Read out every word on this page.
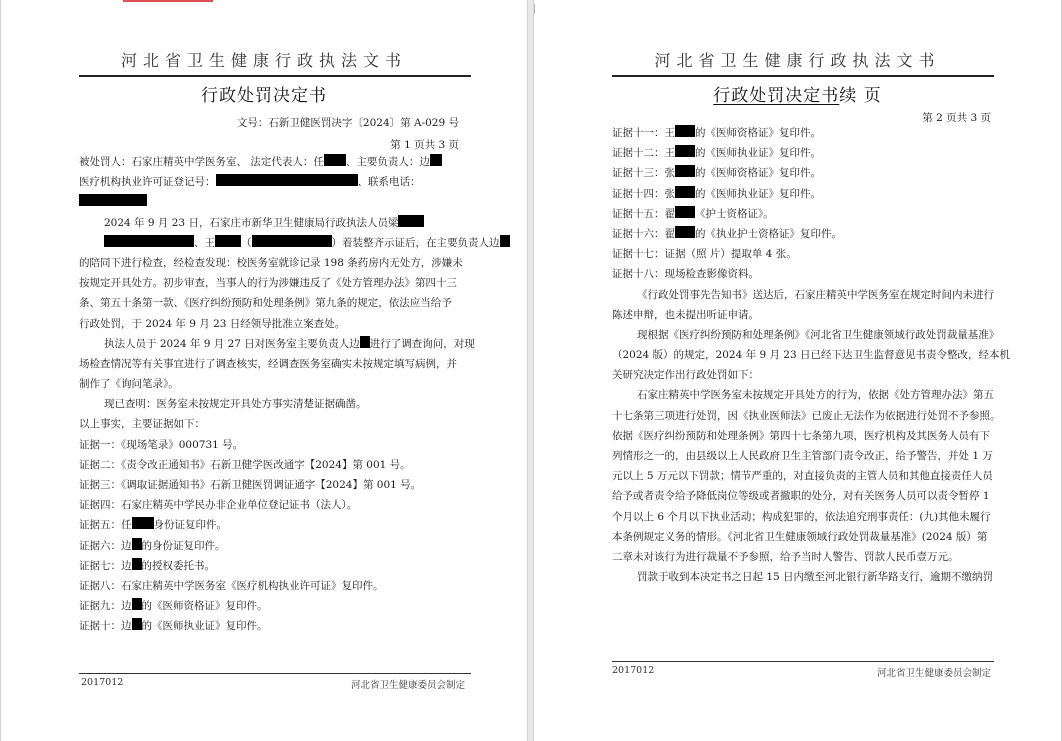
河北省卫生健康行政执法文书
行政处罚决定书
文号：石新卫健医罚决字〔2024〕第 A-029 号
第 1 页共 3 页
被处罚人：石家庄精英中学医务室、 法定代表人：任 、主要负责人：边
医疗机构执业许可证登记号：	、联系电话：
2024 年 9 月 23 日，石家庄市新华卫生健康局行政执法人员梁
、王 （	）着装整齐示证后，在主要负责人边
的陪同下进行检查，经检查发现：校医务室就诊记录 198 条药房内无处方，涉嫌未
按规定开具处方。初步审查，当事人的行为涉嫌违反了《处方管理办法》第四十三
条、第五十条第一款、《医疗纠纷预防和处理条例》第九条的规定，依法应当给予
行政处罚，于 2024 年 9 月 23 日经领导批准立案查处。
执法人员于 2024 年 9 月 27 日对医务室主要负责人边 进行了调查询问，对现
场检查情况等有关事宜进行了调查核实，经调查医务室确实未按规定填写病例，并
制作了《询问笔录》。
现已查明：医务室未按规定开具处方事实清楚证据确凿。
以上事实，主要证据如下：
证据一：《现场笔录》000731 号。
证据二：《责令改正通知书》石新卫健学医改通字【2024】第 001 号。
证据三：《调取证据通知书》石新卫健医罚调证通字【2024】第 001 号。
证据四：石家庄精英中学民办非企业单位登记证书（法人）。
证据五：任 身份证复印件。
证据六：边 的身份证复印件。
证据七：边 的授权委托书。
证据八：石家庄精英中学医务室《医疗机构执业许可证》复印件。
证据九：边 的《医师资格证》复印件。
证据十：边 的《医师执业证》复印件。
2017012	河北省卫生健康委员会制定
河北省卫生健康行政执法文书
行政处罚决定书续 页
第 2 页共 3 页
证据十一：王 的《医师资格证》复印件。
证据十二：王 的《医师执业证》复印件。
证据十三：张 的《医师资格证》复印件。
证据十四：张 的《医师执业证》复印件。
证据十五：翟 《护士资格证》。
证据十六：翟 的《执业护士资格证》复印件。
证据十七：证据（照 片）提取单 4 张。
证据十八：现场检查影像资料。
《行政处罚事先告知书》送达后，石家庄精英中学医务室在规定时间内未进行
陈述申辩，也未提出听证申请。
现根据《医疗纠纷预防和处理条例》《河北省卫生健康领域行政处罚裁量基准》
（2024 版）的规定，2024 年 9 月 23 日已经下达卫生监督意见书责令整改，经本机
关研究决定作出行政处罚如下：
石家庄精英中学医务室未按规定开具处方的行为，依据《处方管理办法》第五
十七条第三项进行处罚，因《执业医师法》已废止无法作为依据进行处罚不予参照。
依据《医疗纠纷预防和处理条例》第四十七条第九项，医疗机构及其医务人员有下
列情形之一的，由县级以上人民政府卫生主管部门责令改正，给予警告，并处 1 万
元以上 5 万元以下罚款；情节严重的，对直接负责的主管人员和其他直接责任人员
给予或者责令给予降低岗位等级或者撤职的处分，对有关医务人员可以责令暂停 1
个月以上 6 个月以下执业活动；构成犯罪的，依法追究刑事责任：(九)其他未履行
本条例规定义务的情形。《河北省卫生健康领域行政处罚裁量基准》(2024 版）第
二章未对该行为进行裁量不予参照，给予当时人警告、罚款人民币壹万元。
罚款于收到本决定书之日起 15 日内缴至河北银行新华路支行，逾期不缴纳罚
2017012	河北省卫生健康委员会制定
